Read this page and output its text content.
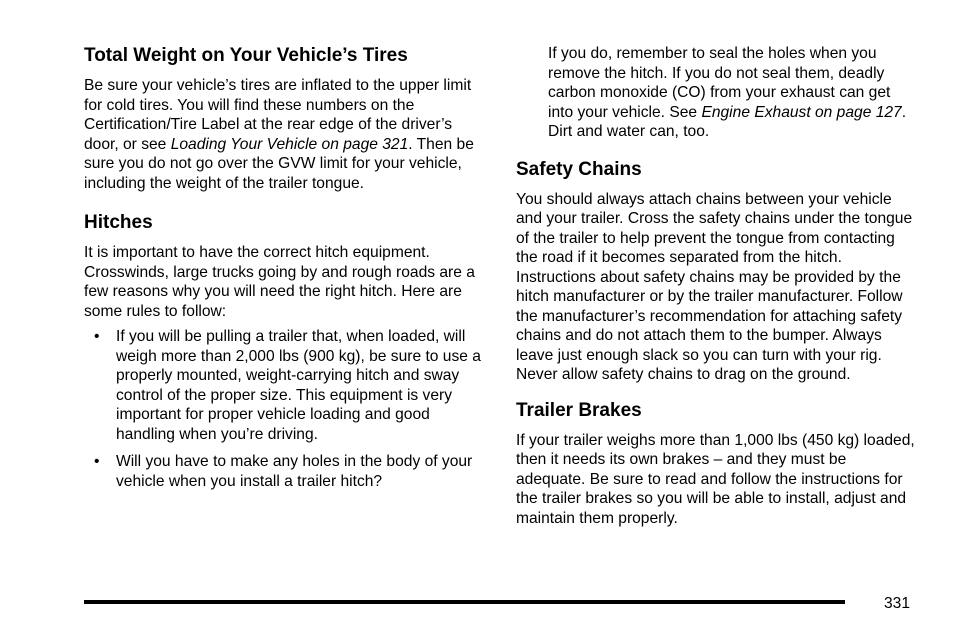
Total Weight on Your Vehicle’s Tires

Be sure your vehicle’s tires are inflated to the upper limit for cold tires. You will find these numbers on the Certification/Tire Label at the rear edge of the driver’s door, or see Loading Your Vehicle on page 321. Then be sure you do not go over the GVW limit for your vehicle, including the weight of the trailer tongue.

Hitches

It is important to have the correct hitch equipment. Crosswinds, large trucks going by and rough roads are a few reasons why you will need the right hitch. Here are some rules to follow:

• If you will be pulling a trailer that, when loaded, will weigh more than 2,000 lbs (900 kg), be sure to use a properly mounted, weight-carrying hitch and sway control of the proper size. This equipment is very important for proper vehicle loading and good handling when you’re driving.
• Will you have to make any holes in the body of your vehicle when you install a trailer hitch?

If you do, remember to seal the holes when you remove the hitch. If you do not seal them, deadly carbon monoxide (CO) from your exhaust can get into your vehicle. See Engine Exhaust on page 127. Dirt and water can, too.

Safety Chains

You should always attach chains between your vehicle and your trailer. Cross the safety chains under the tongue of the trailer to help prevent the tongue from contacting the road if it becomes separated from the hitch. Instructions about safety chains may be provided by the hitch manufacturer or by the trailer manufacturer. Follow the manufacturer’s recommendation for attaching safety chains and do not attach them to the bumper. Always leave just enough slack so you can turn with your rig. Never allow safety chains to drag on the ground.

Trailer Brakes

If your trailer weighs more than 1,000 lbs (450 kg) loaded, then it needs its own brakes – and they must be adequate. Be sure to read and follow the instructions for the trailer brakes so you will be able to install, adjust and maintain them properly.

331
